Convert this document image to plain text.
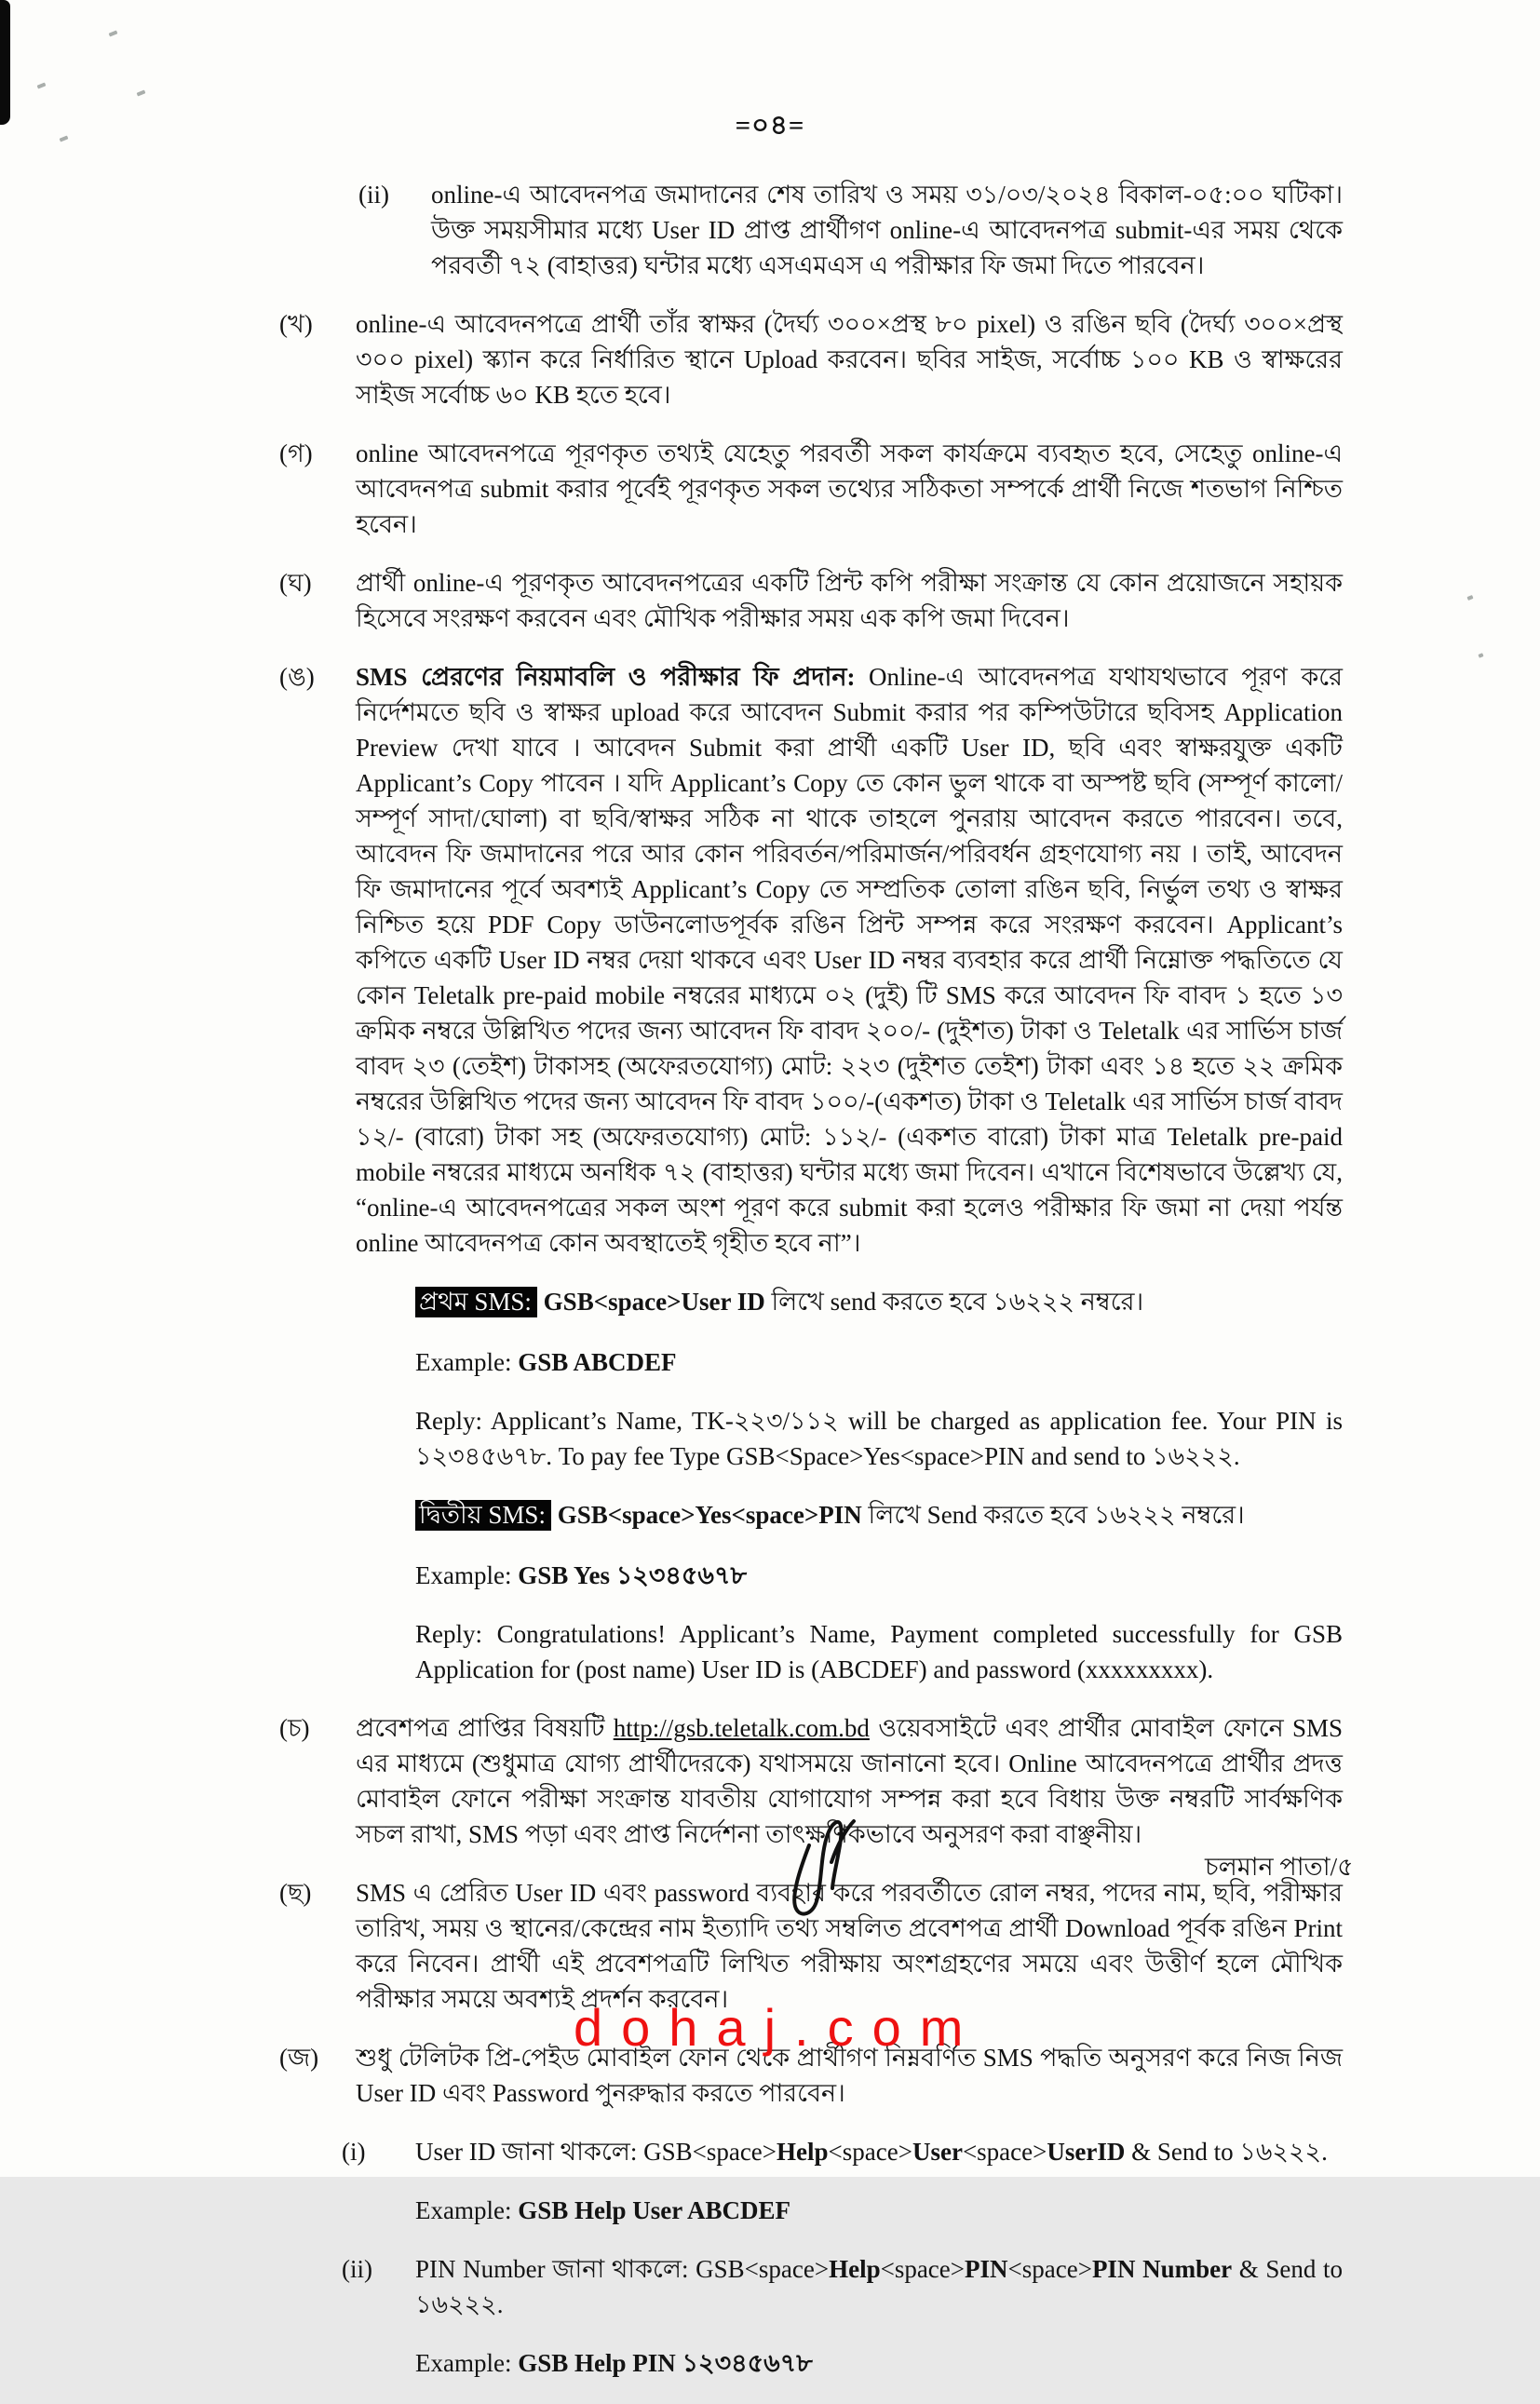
=০৪=
(ii)	online-এ আবেদনপত্র জমাদানের শেষ তারিখ ও সময় ৩১/০৩/২০২৪ বিকাল-০৫:০০ ঘটিকা। উক্ত সময়সীমার মধ্যে User ID প্রাপ্ত প্রার্থীগণ online-এ আবেদনপত্র submit-এর সময় থেকে পরবর্তী ৭২ (বাহাত্তর) ঘন্টার মধ্যে এসএমএস এ পরীক্ষার ফি জমা দিতে পারবেন।
(খ)	online-এ আবেদনপত্রে প্রার্থী তাঁর স্বাক্ষর (দৈর্ঘ্য ৩০০×প্রস্থ ৮০ pixel) ও রঙিন ছবি (দৈর্ঘ্য ৩০০×প্রস্থ ৩০০ pixel) স্ক্যান করে নির্ধারিত স্থানে Upload করবেন। ছবির সাইজ, সর্বোচ্চ ১০০ KB ও স্বাক্ষরের সাইজ সর্বোচ্চ ৬০ KB হতে হবে।
(গ)	online আবেদনপত্রে পূরণকৃত তথ্যই যেহেতু পরবর্তী সকল কার্যক্রমে ব্যবহৃত হবে, সেহেতু online-এ আবেদনপত্র submit করার পূর্বেই পূরণকৃত সকল তথ্যের সঠিকতা সম্পর্কে প্রার্থী নিজে শতভাগ নিশ্চিত হবেন।
(ঘ)	প্রার্থী online-এ পূরণকৃত আবেদনপত্রের একটি প্রিন্ট কপি পরীক্ষা সংক্রান্ত যে কোন প্রয়োজনে সহায়ক হিসেবে সংরক্ষণ করবেন এবং মৌখিক পরীক্ষার সময় এক কপি জমা দিবেন।
(ঙ)	SMS প্রেরণের নিয়মাবলি ও পরীক্ষার ফি প্রদান: Online-এ আবেদনপত্র যথাযথভাবে পূরণ করে নির্দেশমতে ছবি ও স্বাক্ষর upload করে আবেদন Submit করার পর কম্পিউটারে ছবিসহ Application Preview দেখা যাবে । আবেদন Submit করা প্রার্থী একটি User ID, ছবি এবং স্বাক্ষরযুক্ত একটি Applicant’s Copy পাবেন । যদি Applicant’s Copy তে কোন ভুল থাকে বা অস্পষ্ট ছবি (সম্পূর্ণ কালো/সম্পূর্ণ সাদা/ঘোলা) বা ছবি/স্বাক্ষর সঠিক না থাকে তাহলে পুনরায় আবেদন করতে পারবেন। তবে, আবেদন ফি জমাদানের পরে আর কোন পরিবর্তন/পরিমার্জন/পরিবর্ধন গ্রহণযোগ্য নয় । তাই, আবেদন ফি জমাদানের পূর্বে অবশ্যই Applicant’s Copy তে সম্প্রতিক তোলা রঙিন ছবি, নির্ভুল তথ্য ও স্বাক্ষর নিশ্চিত হয়ে PDF Copy ডাউনলোডপূর্বক রঙিন প্রিন্ট সম্পন্ন করে সংরক্ষণ করবেন। Applicant’s কপিতে একটি User ID নম্বর দেয়া থাকবে এবং User ID নম্বর ব্যবহার করে প্রার্থী নিম্নোক্ত পদ্ধতিতে যে কোন Teletalk pre-paid mobile নম্বরের মাধ্যমে ০২ (দুই) টি SMS করে আবেদন ফি বাবদ ১ হতে ১৩ ক্রমিক নম্বরে উল্লিখিত পদের জন্য আবেদন ফি বাবদ ২০০/- (দুইশত) টাকা ও Teletalk এর সার্ভিস চার্জ বাবদ ২৩ (তেইশ) টাকাসহ (অফেরতযোগ্য) মোট: ২২৩ (দুইশত তেইশ) টাকা এবং ১৪ হতে ২২ ক্রমিক নম্বরের উল্লিখিত পদের জন্য আবেদন ফি বাবদ ১০০/-(একশত) টাকা ও Teletalk এর সার্ভিস চার্জ বাবদ ১২/- (বারো) টাকা সহ (অফেরতযোগ্য) মোট: ১১২/- (একশত বারো) টাকা মাত্র Teletalk pre-paid mobile নম্বরের মাধ্যমে অনধিক ৭২ (বাহাত্তর) ঘন্টার মধ্যে জমা দিবেন। এখানে বিশেষভাবে উল্লেখ্য যে, “online-এ আবেদনপত্রের সকল অংশ পূরণ করে submit করা হলেও পরীক্ষার ফি জমা না দেয়া পর্যন্ত online আবেদনপত্র কোন অবস্থাতেই গৃহীত হবে না”।
প্রথম SMS: GSB<space>User ID লিখে send করতে হবে ১৬২২২ নম্বরে।
Example: GSB ABCDEF
Reply: Applicant’s Name, TK-২২৩/১১২ will be charged as application fee. Your PIN is ১২৩৪৫৬৭৮. To pay fee Type GSB<Space>Yes<space>PIN and send to ১৬২২২.
দ্বিতীয় SMS: GSB<space>Yes<space>PIN লিখে Send করতে হবে ১৬২২২ নম্বরে।
Example: GSB Yes ১২৩৪৫৬৭৮
Reply: Congratulations! Applicant’s Name, Payment completed successfully for GSB Application for (post name) User ID is (ABCDEF) and password (xxxxxxxxx).
(চ)	প্রবেশপত্র প্রাপ্তির বিষয়টি http://gsb.teletalk.com.bd ওয়েবসাইটে এবং প্রার্থীর মোবাইল ফোনে SMS এর মাধ্যমে (শুধুমাত্র যোগ্য প্রার্থীদেরকে) যথাসময়ে জানানো হবে। Online আবেদনপত্রে প্রার্থীর প্রদত্ত মোবাইল ফোনে পরীক্ষা সংক্রান্ত যাবতীয় যোগাযোগ সম্পন্ন করা হবে বিধায় উক্ত নম্বরটি সার্বক্ষণিক সচল রাখা, SMS পড়া এবং প্রাপ্ত নির্দেশনা তাৎক্ষণিকভাবে অনুসরণ করা বাঞ্ছনীয়।
(ছ)	SMS এ প্রেরিত User ID এবং password ব্যবহার করে পরবর্তীতে রোল নম্বর, পদের নাম, ছবি, পরীক্ষার তারিখ, সময় ও স্থানের/কেন্দ্রের নাম ইত্যাদি তথ্য সম্বলিত প্রবেশপত্র প্রার্থী Download পূর্বক রঙিন Print করে নিবেন। প্রার্থী এই প্রবেশপত্রটি লিখিত পরীক্ষায় অংশগ্রহণের সময়ে এবং উত্তীর্ণ হলে মৌখিক পরীক্ষার সময়ে অবশ্যই প্রদর্শন করবেন।
(জ)	শুধু টেলিটক প্রি-পেইড মোবাইল ফোন থেকে প্রার্থীগণ নিম্নবর্ণিত SMS পদ্ধতি অনুসরণ করে নিজ নিজ User ID এবং Password পুনরুদ্ধার করতে পারবেন।
(i)	User ID জানা থাকলে: GSB<space>Help<space>User<space>UserID & Send to ১৬২২২.
Example: GSB Help User ABCDEF
(ii)	PIN Number জানা থাকলে: GSB<space>Help<space>PIN<space>PIN Number & Send to ১৬২২২.
Example: GSB Help PIN ১২৩৪৫৬৭৮
চলমান পাতা/৫
dohaj.com
